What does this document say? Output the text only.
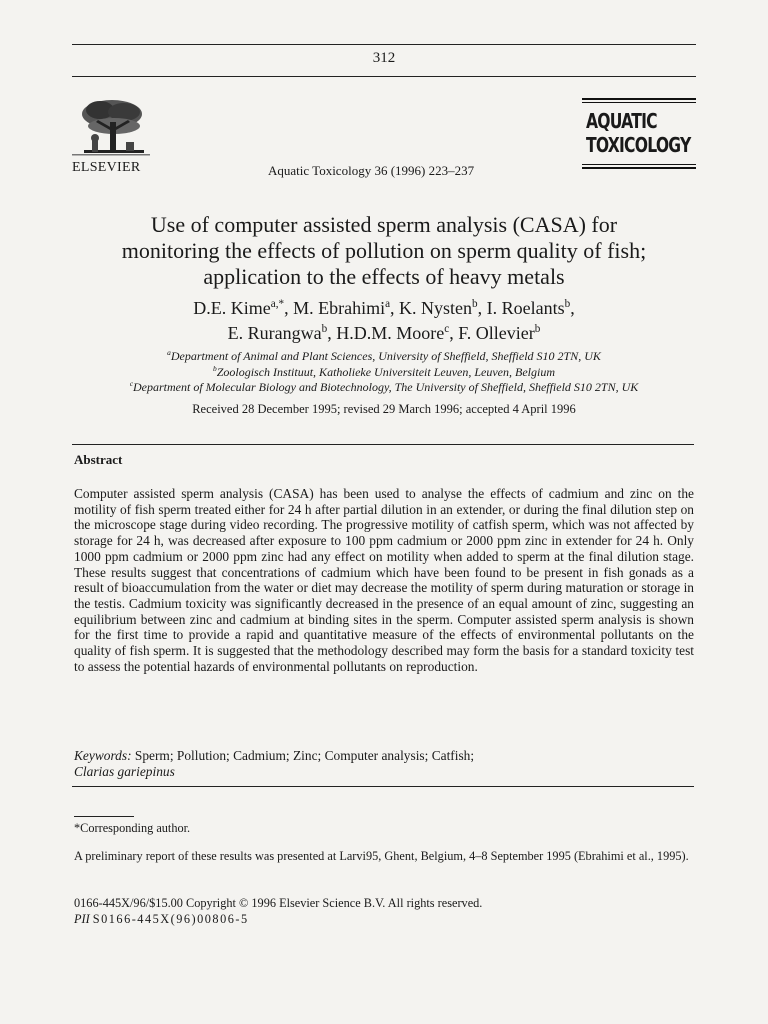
312
ELSEVIER	Aquatic Toxicology 36 (1996) 223–237
AQUATIC
TOXICOLOGY
Use of computer assisted sperm analysis (CASA) for
monitoring the effects of pollution on sperm quality of fish;
application to the effects of heavy metals
D.E. Kime$^{a,*}$, M. Ebrahimi$^a$, K. Nysten$^b$, I. Roelants$^b$,
E. Rurangwa$^b$, H.D.M. Moore$^c$, F. Ollevier$^b$
$^a$Department of Animal and Plant Sciences, University of Sheffield, Sheffield S10 2TN, UK
$^b$Zoologisch Instituut, Katholieke Universiteit Leuven, Leuven, Belgium
$^c$Department of Molecular Biology and Biotechnology, The University of Sheffield, Sheffield S10 2TN, UK
Received 28 December 1995; revised 29 March 1996; accepted 4 April 1996
Abstract
Computer assisted sperm analysis (CASA) has been used to analyse the effects of cadmium and zinc on the motility of fish sperm treated either for 24 h after partial dilution in an extender, or during the final dilution step on the microscope stage during video recording. The progressive motility of catfish sperm, which was not affected by storage for 24 h, was decreased after exposure to 100 ppm cadmium or 2000 ppm zinc in extender for 24 h. Only 1000 ppm cadmium or 2000 ppm zinc had any effect on motility when added to sperm at the final dilution stage. These results suggest that concentrations of cadmium which have been found to be present in fish gonads as a result of bioaccumulation from the water or diet may decrease the motility of sperm during maturation or storage in the testis. Cadmium toxicity was significantly decreased in the presence of an equal amount of zinc, suggesting an equilibrium between zinc and cadmium at binding sites in the sperm. Computer assisted sperm analysis is shown for the first time to provide a rapid and quantitative measure of the effects of environmental pollutants on the quality of fish sperm. It is suggested that the methodology described may form the basis for a standard toxicity test to assess the potential hazards of environmental pollutants on reproduction.
Keywords: Sperm; Pollution; Cadmium; Zinc; Computer analysis; Catfish;
Clarias gariepinus
*Corresponding author.
A preliminary report of these results was presented at Larvi95, Ghent, Belgium, 4–8 September 1995 (Ebrahimi et al., 1995).
0166-445X/96/$15.00 Copyright © 1996 Elsevier Science B.V. All rights reserved.
PII S0166-445X(96)00806-5
